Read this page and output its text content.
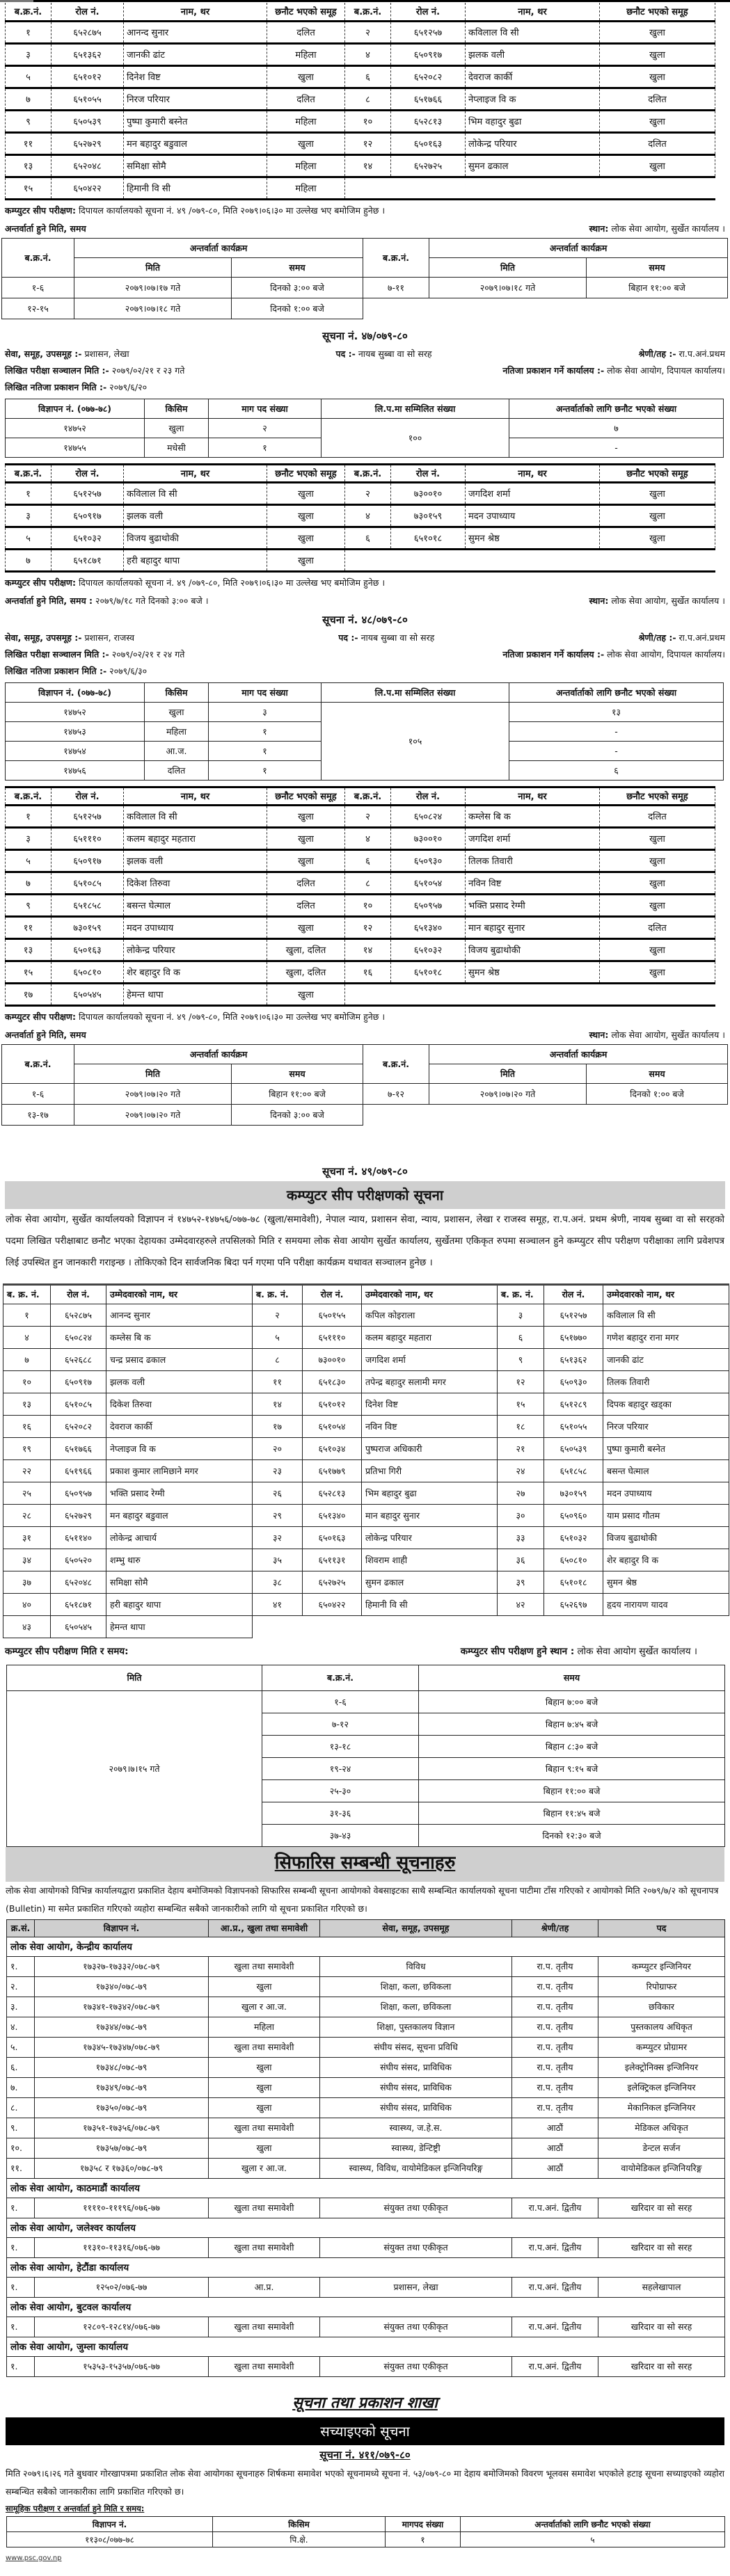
ब.क्र.नं.	रोल नं.	नाम, थर	छनौट भएको समूह	ब.क्र.नं.	रोल नं.	नाम, थर	छनौट भएको समूह
१	६५२८७५	आनन्द सुनार	दलित	२	६५१२५७	कविलाल वि सी	खुला
३	६५१३६२	जानकी ढांट	महिला	४	६५०९१७	झलक वली	खुला
५	६५१०१२	दिनेश विष्ट	खुला	६	६५२०८२	देवराज कार्की	खुला
७	६५१०५५	निरज परियार	दलित	८	६५१७६६	नेप्लाइज वि क	दलित
९	६५०५३९	पुष्पा कुमारी बस्नेत	महिला	१०	६५२८१३	भिम वहादुर बुढा	खुला
११	६५२७२९	मन बहादुर बडुवाल	खुला	१२	६५०१६३	लोकेन्द्र परियार	दलित
१३	६५२०४८	समिक्षा सोमै	महिला	१४	६५२७२५	सुमन ढकाल	खुला
१५	६५०४२२	हिमानी वि सी	महिला				
कम्प्युटर सीप परीक्षण: दिपायल कार्यालयको सूचना नं. ४९ /०७९-८०, मिति २०७९।०६।३० मा उल्लेख भए बमोजिम हुनेछ ।
अन्तर्वार्ता हुने मिति, समय	स्थान: लोक सेवा आयोग, सुर्खेत कार्यालय ।
ब.क्र.नं.	अन्तर्वार्ता कार्यक्रम		ब.क्र.नं.	अन्तर्वार्ता कार्यक्रम	
	मिति	समय		मिति	समय
१-६	२०७९।०७।१७ गते	दिनको ३:०० बजे	७-११	२०७९।०७।१८ गते	बिहान ११:०० बजे
१२-१५	२०७९।०७।१८ गते	दिनको १:०० बजे			
सूचना नं. ४७/०७९-८०
सेवा, समूह, उपसमूह :- प्रशासन, लेखा	पद :- नायब सुब्बा वा सो सरह	श्रेणी/तह :- रा.प.अनं.प्रथम
लिखित परीक्षा सञ्चालन मिति :- २०७९/०२/२१ र २३ गते	नतिजा प्रकाशन गर्ने कार्यालय :- लोक सेवा आयोग, दिपायल कार्यालय।
लिखित नतिजा प्रकाशन मिति :- २०७९/६/२०
विज्ञापन नं. (०७७-७८)	किसिम	माग पद संख्या	लि.प.मा सम्मिलित संख्या	अन्तर्वार्ताको लागि छनौट भएको संख्या
१४७५२	खुला	२	१००	७
१४७५५	मधेसी	१		-
ब.क्र.नं.	रोल नं.	नाम, थर	छनौट भएको समूह	ब.क्र.नं.	रोल नं.	नाम, थर	छनौट भएको समूह
१	६५१२५७	कविलाल वि सी	खुला	२	७३००१०	जगदिश शर्मा	खुला
३	६५०९१७	झलक वली	खुला	४	७३०१५९	मदन उपाध्याय	खुला
५	६५१०३२	विजय बुढाथोकी	खुला	६	६५१०१८	सुमन श्रेष्ठ	खुला
७	६५१८७१	हरी बहादुर थापा	खुला				
कम्प्युटर सीप परीक्षण: दिपायल कार्यालयको सूचना नं. ४९ /०७९-८०, मिति २०७९।०६।३० मा उल्लेख भए बमोजिम हुनेछ ।
अन्तर्वार्ता हुने मिति, समय : २०७९/७/१८ गते दिनको ३:०० बजे ।	स्थान: लोक सेवा आयोग, सुर्खेत कार्यालय ।
सूचना नं. ४८/०७९-८०
सेवा, समूह, उपसमूह :- प्रशासन, राजस्व	पद :- नायब सुब्बा वा सो सरह	श्रेणी/तह :- रा.प.अनं.प्रथम
लिखित परीक्षा सञ्चालन मिति :- २०७९/०२/२१ र २४ गते	नतिजा प्रकाशन गर्ने कार्यालय :- लोक सेवा आयोग, दिपायल कार्यालय।
लिखित नतिजा प्रकाशन मिति :- २०७९/६/३०
विज्ञापन नं. (०७७-७८)	किसिम	माग पद संख्या	लि.प.मा सम्मिलित संख्या	अन्तर्वार्ताको लागि छनौट भएको संख्या
१४७५२	खुला	३	१०५	१३
१४७५३	महिला	१		-
१४७५४	आ.ज.	१		-
१४७५६	दलित	१		६
ब.क्र.नं.	रोल नं.	नाम, थर	छनौट भएको समूह	ब.क्र.नं.	रोल नं.	नाम, थर	छनौट भएको समूह
१	६५१२५७	कविलाल वि सी	खुला	२	६५०८२४	कम्लेस बि क	दलित
३	६५१११०	कलम बहादुर महतारा	खुला	४	७३००१०	जगदिश शर्मा	खुला
५	६५०९१७	झलक वली	खुला	६	६५०९३०	तिलक तिवारी	खुला
७	६५१०८५	दिकेश तिरुवा	दलित	८	६५१०५४	नविन विष्ट	खुला
९	६५१८५८	बसन्त घेत्माल	दलित	१०	६५०९५७	भक्ति प्रसाद रेग्मी	खुला
११	७३०१५९	मदन उपाध्याय	खुला	१२	६५१३४०	मान बहादुर सुनार	दलित
१३	६५०१६३	लोकेन्द्र परियार	खुला, दलित	१४	६५१०३२	विजय बुढाथोकी	खुला
१५	६५०८१०	शेर बहादुर वि क	खुला, दलित	१६	६५१०१८	सुमन श्रेष्ठ	खुला
१७	६५०५४५	हेमन्त थापा	खुला				
कम्प्युटर सीप परीक्षण: दिपायल कार्यालयको सूचना नं. ४९ /०७९-८०, मिति २०७९।०६।३० मा उल्लेख भए बमोजिम हुनेछ ।
अन्तर्वार्ता हुने मिति, समय	स्थान: लोक सेवा आयोग, सुर्खेत कार्यालय ।
ब.क्र.नं.	अन्तर्वार्ता कार्यक्रम		ब.क्र.नं.	अन्तर्वार्ता कार्यक्रम	
	मिति	समय		मिति	समय
१-६	२०७९।०७।२० गते	बिहान ११:०० बजे	७-१२	२०७९।०७।२० गते	दिनको १:०० बजे
१३-१७	२०७९।०७।२० गते	दिनको ३:०० बजे			
सूचना नं. ४९/०७९-८०
कम्प्युटर सीप परीक्षणको सूचना
लोक सेवा आयोग, सुर्खेत कार्यालयको विज्ञापन नं १४७५२-१४७५६/०७७-७८ (खुला/समावेशी), नेपाल न्याय, प्रशासन सेवा, न्याय, प्रशासन, लेखा र राजस्व समूह, रा.प.अनं. प्रथम श्रेणी, नायब सुब्बा वा सो सरहको पदमा लिखित परीक्षाबाट छनौट भएका देहायका उम्मेदवारहरुले तपसिलको मिति र समयमा लोक सेवा आयोग सुर्खेत कार्यालय, सुर्खेतमा एकिकृत रुपमा सञ्चालन हुने कम्प्युटर सीप परीक्षण परीक्षाका लागि प्रवेशपत्र लिई उपस्थित हुन जानकारी गराइन्छ । तोकिएको दिन सार्वजनिक बिदा पर्न गएमा पनि परीक्षा कार्यक्रम यथावत सञ्चालन हुनेछ ।
ब. क्र. नं.	रोल नं.	उम्मेदवारको नाम, थर	ब. क्र. नं.	रोल नं.	उम्मेदवारको नाम, थर	ब. क्र. नं.	रोल नं.	उम्मेदवारको नाम, थर
१	६५२८७५	आनन्द सुनार	२	६५०१५५	कपिल कोइराला	३	६५१२५७	कविलाल वि सी
४	६५०८२४	कम्लेस बि क	५	६५१११०	कलम बहादुर महतारा	६	६५१७७०	गणेश बहादुर राना मगर
७	६५२६८८	चन्द्र प्रसाद ढकाल	८	७३००१०	जगदिश शर्मा	९	६५१३६२	जानकी ढांट
१०	६५०९१७	झलक वली	११	६५१८३०	तपेन्द्र बहादुर सलामी मगर	१२	६५०९३०	तिलक तिवारी
१३	६५१०८५	दिकेश तिरुवा	१४	६५१०१२	दिनेश विष्ट	१५	६५१२८९	दिपक बहादुर खड्का
१६	६५२०८२	देवराज कार्की	१७	६५१०५४	नविन विष्ट	१८	६५१०५५	निरज परियार
१९	६५१७६६	नेप्लाइज वि क	२०	६५१०३४	पुष्पराज अधिकारी	२१	६५०५३९	पुष्पा कुमारी बस्नेत
२२	६५१९६६	प्रकाश कुमार लामिछाने मगर	२३	६५१७७९	प्रतिभा गिरी	२४	६५१८५८	बसन्त घेत्माल
२५	६५०९५७	भक्ति प्रसाद रेग्मी	२६	६५२८१३	भिम बहादुर बुढा	२७	७३०१५९	मदन उपाध्याय
२८	६५२७२९	मन बहादुर बडुवाल	२९	६५१३४०	मान बहादुर सुनार	३०	६५०९६०	याम प्रसाद गौतम
३१	६५११४०	लोकेन्द्र आचार्य	३२	६५०१६३	लोकेन्द्र परियार	३३	६५१०३२	विजय बुढाथोकी
३४	६५०५२०	शम्भु थारु	३५	६५११३१	शिवराम शाही	३६	६५०८१०	शेर बहादुर वि क
३७	६५२०४८	समिक्षा सोमै	३८	६५२७२५	सुमन ढकाल	३९	६५१०१८	सुमन श्रेष्ठ
४०	६५१८७१	हरी बहादुर थापा	४१	६५०४२२	हिमानी वि सी	४२	६५२६९७	हृदय नारायण यादव
४३	६५०५४५	हेमन्त थापा						
कम्प्युटर सीप परीक्षण मिति र समय:	कम्प्युटर सीप परीक्षण हुने स्थान : लोक सेवा आयोग सुर्खेत कार्यालय ।
मिति	ब.क्र.नं.	समय
२०७९।७।१५ गते	१-६	बिहान ७:०० बजे
	७-१२	बिहान ७:४५ बजे
	१३-१८	बिहान ८:३० बजे
	१९-२४	बिहान ९:१५ बजे
	२५-३०	बिहान ११:०० बजे
	३१-३६	बिहान ११:४५ बजे
	३७-४३	दिनको १२:३० बजे
सिफारिस सम्बन्धी सूचनाहरु
लोक सेवा आयोगको विभिन्न कार्यालयद्वारा प्रकाशित देहाय बमोजिमको विज्ञापनको सिफारिस सम्बन्धी सूचना आयोगको वेबसाइटका साथै सम्बन्धित कार्यालयको सूचना पाटीमा टाँस गरिएको र आयोगको मिति २०७९/७/२ को सूचनापत्र (Bulletin) मा समेत प्रकाशित गरिएको व्यहोरा सम्बन्धित सबैको जानकारीको लागि यो सूचना प्रकाशित गरिएको छ।
क्र.सं.	विज्ञापन नं.	आ.प्र., खुला तथा समावेशी	सेवा, समूह, उपसमूह	श्रेणी/तह	पद
लोक सेवा आयोग, केन्द्रीय कार्यालय					
१.	१७३२७-१७३३२/०७८-७९	खुला तथा समावेशी	विविध	रा.प. तृतीय	कम्प्युटर इन्जिनियर
२.	१७३४०/०७८-७९	खुला	शिक्षा, कला, छविकला	रा.प. तृतीय	रिपोग्राफर
३.	१७३४१-१७३४२/०७८-७९	खुला र आ.ज.	शिक्षा, कला, छविकला	रा.प. तृतीय	छविकार
४.	१७३४४/०७८-७९	महिला	शिक्षा, पुस्तकालय विज्ञान	रा.प. तृतीय	पुस्तकालय अधिकृत
५.	१७३४५-१७३४७/०७८-७९	खुला तथा समावेशी	संघीय संसद, सूचना प्रविधि	रा.प. तृतीय	कम्प्युटर प्रोग्रामर
६.	१७३४८/०७८-७९	खुला	संघीय संसद, प्राविधिक	रा.प. तृतीय	इलेक्ट्रोनिक्स इन्जिनियर
७.	१७३४९/०७८-७९	खुला	संघीय संसद, प्राविधिक	रा.प. तृतीय	इलेक्ट्रिकल इन्जिनियर
८.	१७३५०/०७८-७९	खुला	संघीय संसद, प्राविधिक	रा.प. तृतीय	मेकानिकल इन्जिनियर
९.	१७३५१-१७३५६/०७८-७९	खुला तथा समावेशी	स्वास्थ्य, ज.हे.स.	आठौं	मेडिकल अधिकृत
१०.	१७३५७/०७८-७९	खुला	स्वास्थ्य, डेन्टिष्ट्री	आठौं	डेन्टल सर्जन
११.	१७३५८ र १७३६०/०७८-७९	खुला र आ.ज.	स्वास्थ्य, विविध, वायोमेडिकल इन्जिनियरिङ्ग	आठौं	वायोमेडिकल इन्जिनियरिङ्ग
लोक सेवा आयोग, काठमाडौं कार्यालय					
१.	११११०-१११९६/०७६-७७	खुला तथा समावेशी	संयुक्त तथा एकीकृत	रा.प.अनं. द्वितीय	खरिदार वा सो सरह
लोक सेवा आयोग, जलेश्वर कार्यालय					
१.	११३१०-११३१६/०७६-७७	खुला तथा समावेशी	संयुक्त तथा एकीकृत	रा.प.अनं. द्वितीय	खरिदार वा सो सरह
लोक सेवा आयोग, हेटौंडा कार्यालय					
१.	१२५०२/०७६-७७	आ.प्र.	प्रशासन, लेखा	रा.प.अनं. द्वितीय	सहलेखापाल
लोक सेवा आयोग, बुटवल कार्यालय					
१.	१२८०९-१२८१४/०७६-७७	खुला तथा समावेशी	संयुक्त तथा एकीकृत	रा.प.अनं. द्वितीय	खरिदार वा सो सरह
लोक सेवा आयोग, जुम्ला कार्यालय					
१.	१५३५३-१५३५७/०७६-७७	खुला तथा समावेशी	संयुक्त तथा एकीकृत	रा.प.अनं. द्वितीय	खरिदार वा सो सरह
सूचना तथा प्रकाशन शाखा
सच्याइएको सूचना
सूचना नं. ४११/०७९-८०
मिति २०७९।६।२६ गते बुधवार गोरखापत्रमा प्रकाशित लोक सेवा आयोगका सूचनाहरु शिर्षकमा समावेश भएको सूचनामध्ये सूचना नं. ५३/०७९-८० मा देहाय बमोजिमको विवरण भूलवस समावेश भएकोले हटाइ सूचना सच्याइएको व्यहोरा सम्बन्धित सबैको जानकारीका लागि प्रकाशित गरिएको छ।
सामूहिक परीक्षण र अन्तर्वार्ता हुने मिति र समय:
विज्ञापन नं.	किसिम	मागपद संख्या	अन्तर्वार्ताको लागि छनौट भएको संख्या
११३०८/०७७-७८	पि.क्षे.	१	५
www.psc.gov.np
